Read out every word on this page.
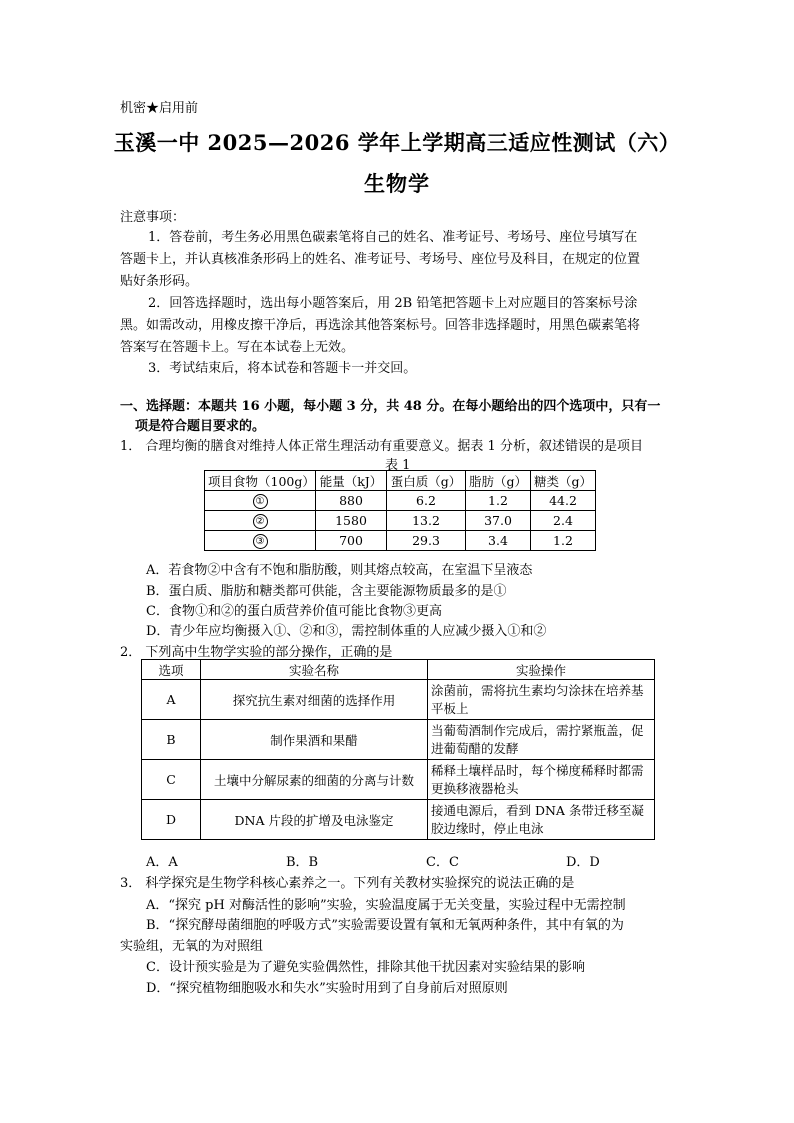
机密★启用前
玉溪一中 2025—2026 学年上学期高三适应性测试（六）
生物学
注意事项：
1．答卷前，考生务必用黑色碳素笔将自己的姓名、准考证号、考场号、座位号填写在
答题卡上，并认真核准条形码上的姓名、准考证号、考场号、座位号及科目，在规定的位置
贴好条形码。
2．回答选择题时，选出每小题答案后，用 2B 铅笔把答题卡上对应题目的答案标号涂
黑。如需改动，用橡皮擦干净后，再选涂其他答案标号。回答非选择题时，用黑色碳素笔将
答案写在答题卡上。写在本试卷上无效。
3．考试结束后，将本试卷和答题卡一并交回。
一、选择题：本题共 16 小题，每小题 3 分，共 48 分。在每小题给出的四个选项中，只有一
项是符合题目要求的。
1． 合理均衡的膳食对维持人体正常生理活动有重要意义。据表 1 分析，叙述错误的是项目
表 1
项目食物（100g）	能量（kJ）	蛋白质（g）	脂肪（g）	糖类（g）
①	880	6.2	1.2	44.2
②	1580	13.2	37.0	2.4
③	700	29.3	3.4	1.2
A．若食物②中含有不饱和脂肪酸，则其熔点较高，在室温下呈液态
B．蛋白质、脂肪和糖类都可供能，含主要能源物质最多的是①
C．食物①和②的蛋白质营养价值可能比食物③更高
D．青少年应均衡摄入①、②和③，需控制体重的人应减少摄入①和②
2． 下列高中生物学实验的部分操作，正确的是
选项	实验名称	实验操作
A	探究抗生素对细菌的选择作用	涂菌前，需将抗生素均匀涂抹在培养基平板上
B	制作果酒和果醋	当葡萄酒制作完成后，需拧紧瓶盖，促进葡萄醋的发酵
C	土壤中分解尿素的细菌的分离与计数	稀释土壤样品时，每个梯度稀释时都需更换移液器枪头
D	DNA 片段的扩增及电泳鉴定	接通电源后，看到 DNA 条带迁移至凝胶边缘时，停止电泳
A．A	B．B	C．C	D．D
3． 科学探究是生物学科核心素养之一。下列有关教材实验探究的说法正确的是
A．“探究 pH 对酶活性的影响”实验，实验温度属于无关变量，实验过程中无需控制
B．“探究酵母菌细胞的呼吸方式”实验需要设置有氧和无氧两种条件，其中有氧的为
实验组，无氧的为对照组
C．设计预实验是为了避免实验偶然性，排除其他干扰因素对实验结果的影响
D．“探究植物细胞吸水和失水”实验时用到了自身前后对照原则
